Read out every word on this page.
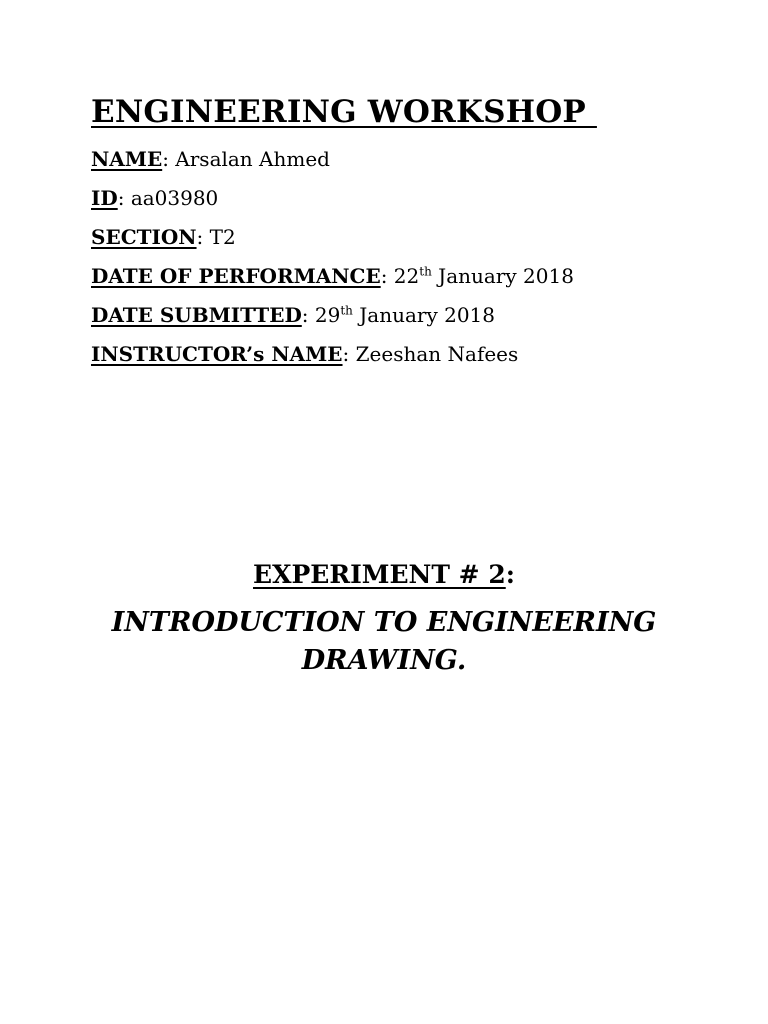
ENGINEERING WORKSHOP
NAME: Arsalan Ahmed
ID: aa03980
SECTION: T2
DATE OF PERFORMANCE: 22th January 2018
DATE SUBMITTED: 29th January 2018
INSTRUCTOR’s NAME: Zeeshan Nafees
EXPERIMENT # 2:
INTRODUCTION TO ENGINEERING
DRAWING.
